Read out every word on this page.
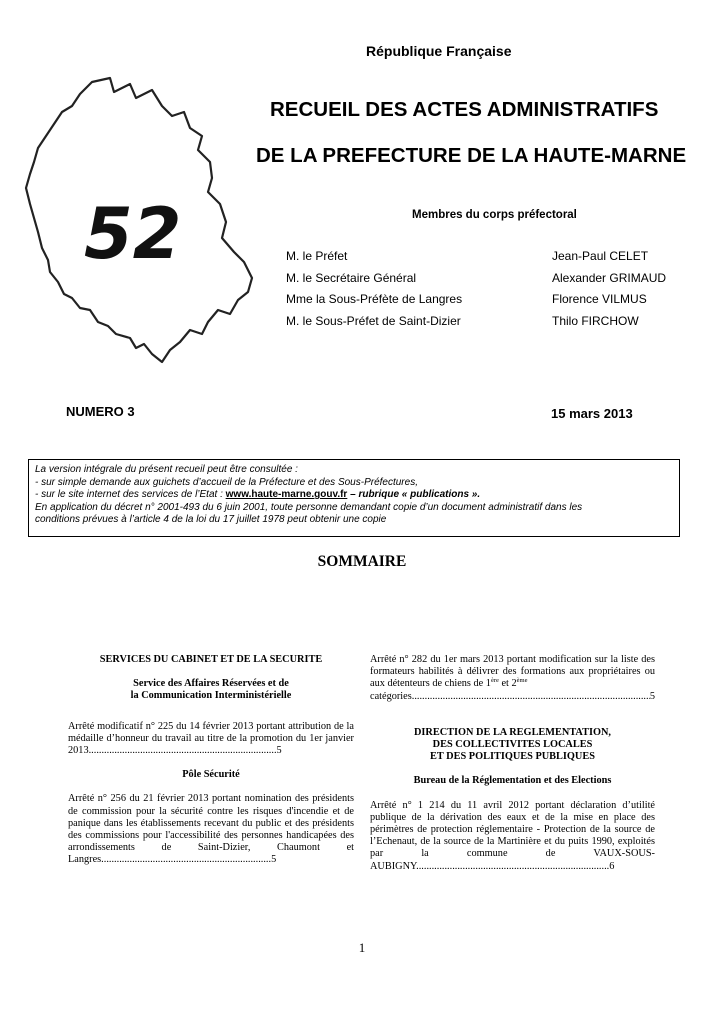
52
République Française
RECUEIL DES ACTES ADMINISTRATIFS
DE LA PREFECTURE DE LA HAUTE-MARNE
Membres du corps préfectoral
M. le Préfet	Jean-Paul CELET
M. le Secrétaire Général	Alexander GRIMAUD
Mme la Sous-Préfète de Langres	Florence VILMUS
M. le Sous-Préfet de Saint-Dizier	Thilo FIRCHOW
NUMERO 3	15 mars 2013
La version intégrale du présent recueil peut être consultée :
- sur simple demande aux guichets d’accueil de la Préfecture et des Sous-Préfectures,
- sur le site internet des services de l’Etat : www.haute-marne.gouv.fr – rubrique « publications ».
En application du décret n° 2001-493 du 6 juin 2001, toute personne demandant copie d’un document administratif dans les
conditions prévues à l’article 4 de la loi du 17 juillet 1978 peut obtenir une copie
SOMMAIRE
SERVICES DU CABINET ET DE LA SECURITE
Service des Affaires Réservées et de
la Communication Interministérielle
Arrêté modificatif n° 225 du 14 février 2013 portant attribution de la médaille d’honneur du travail au titre de la promotion du 1er janvier 2013.........................................................................5
Pôle Sécurité
Arrêté n° 256 du 21 février 2013 portant nomination des présidents de commission pour la sécurité contre les risques d'incendie et de panique dans les établissements recevant du public et des présidents des commissions pour l'accessibilité des personnes handicapées des arrondissements de Saint-Dizier, Chaumont et Langres..................................................................5
Arrêté n° 282 du 1er mars 2013 portant modification sur la liste des formateurs habilités à délivrer des formations aux propriétaires ou aux détenteurs de chiens de 1ère et 2ème
catégories .....	5
DIRECTION DE LA REGLEMENTATION,
DES COLLECTIVITES LOCALES
ET DES POLITIQUES PUBLIQUES
Bureau de la Réglementation et des Elections
Arrêté n° 1 214 du 11 avril 2012 portant déclaration d’utilité publique de la dérivation des eaux et de la mise en place des périmètres de protection réglementaire - Protection de la source de l’Echenaut, de la source de la Martinière et du puits 1990, exploités par la commune de VAUX-SOUS-AUBIGNY...........................................................................6
1
